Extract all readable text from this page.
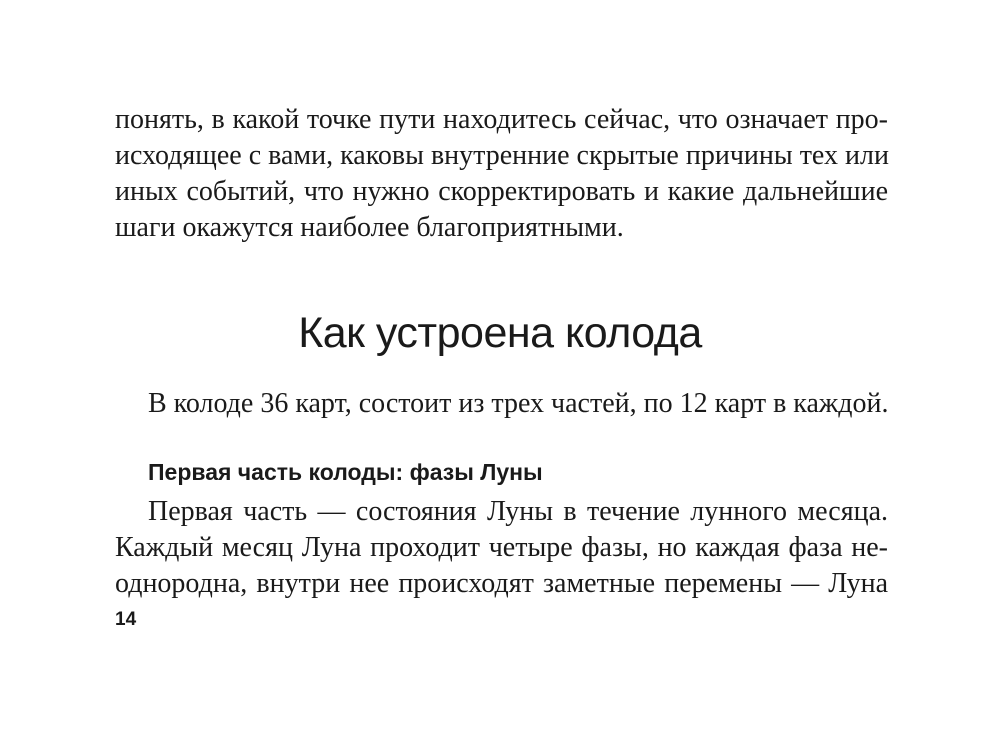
понять, в какой точке пути находитесь сейчас, что означает про-
исходящее с вами, каковы внутренние скрытые причины тех или
иных событий, что нужно скорректировать и какие дальнейшие
шаги окажутся наиболее благоприятными.
Как устроена колода
В колоде 36 карт, состоит из трех частей, по 12 карт в каждой.
Первая часть колоды: фазы Луны
Первая часть — состояния Луны в течение лунного месяца.
Каждый месяц Луна проходит четыре фазы, но каждая фаза не-
однородна, внутри нее происходят заметные перемены — Луна
14
